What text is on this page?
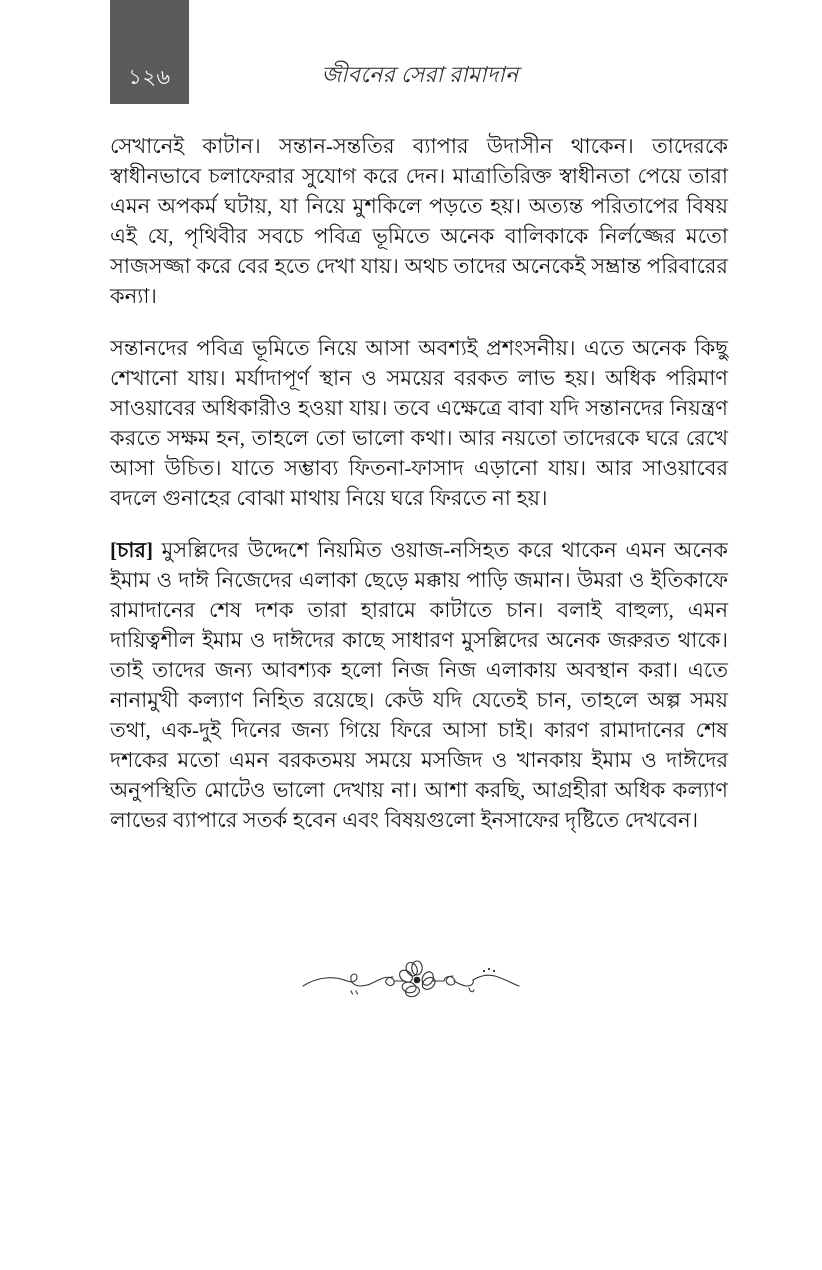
১২৬	জীবনের সেরা রামাদান

সেখানেই কাটান। সন্তান-সন্ততির ব্যাপার উদাসীন থাকেন। তাদেরকে স্বাধীনভাবে চলাফেরার সুযোগ করে দেন। মাত্রাতিরিক্ত স্বাধীনতা পেয়ে তারা এমন অপকর্ম ঘটায়, যা নিয়ে মুশকিলে পড়তে হয়। অত্যন্ত পরিতাপের বিষয় এই যে, পৃথিবীর সবচে পবিত্র ভূমিতে অনেক বালিকাকে নির্লজ্জের মতো সাজসজ্জা করে বের হতে দেখা যায়। অথচ তাদের অনেকেই সম্ভ্রান্ত পরিবারের কন্যা।

সন্তানদের পবিত্র ভূমিতে নিয়ে আসা অবশ্যই প্রশংসনীয়। এতে অনেক কিছু শেখানো যায়। মর্যাদাপূর্ণ স্থান ও সময়ের বরকত লাভ হয়। অধিক পরিমাণ সাওয়াবের অধিকারীও হওয়া যায়। তবে এক্ষেত্রে বাবা যদি সন্তানদের নিয়ন্ত্রণ করতে সক্ষম হন, তাহলে তো ভালো কথা। আর নয়তো তাদেরকে ঘরে রেখে আসা উচিত। যাতে সম্ভাব্য ফিতনা-ফাসাদ এড়ানো যায়। আর সাওয়াবের বদলে গুনাহের বোঝা মাথায় নিয়ে ঘরে ফিরতে না হয়।

[চার] মুসল্লিদের উদ্দেশে নিয়মিত ওয়াজ-নসিহত করে থাকেন এমন অনেক ইমাম ও দাঈ নিজেদের এলাকা ছেড়ে মক্কায় পাড়ি জমান। উমরা ও ইতিকাফে রামাদানের শেষ দশক তারা হারামে কাটাতে চান। বলাই বাহুল্য, এমন দায়িত্বশীল ইমাম ও দাঈদের কাছে সাধারণ মুসল্লিদের অনেক জরুরত থাকে। তাই তাদের জন্য আবশ্যক হলো নিজ নিজ এলাকায় অবস্থান করা। এতে নানামুখী কল্যাণ নিহিত রয়েছে। কেউ যদি যেতেই চান, তাহলে অল্প সময় তথা, এক-দুই দিনের জন্য গিয়ে ফিরে আসা চাই। কারণ রামাদানের শেষ দশকের মতো এমন বরকতময় সময়ে মসজিদ ও খানকায় ইমাম ও দাঈদের অনুপস্থিতি মোটেও ভালো দেখায় না। আশা করছি, আগ্রহীরা অধিক কল্যাণ লাভের ব্যাপারে সতর্ক হবেন এবং বিষয়গুলো ইনসাফের দৃষ্টিতে দেখবেন।
